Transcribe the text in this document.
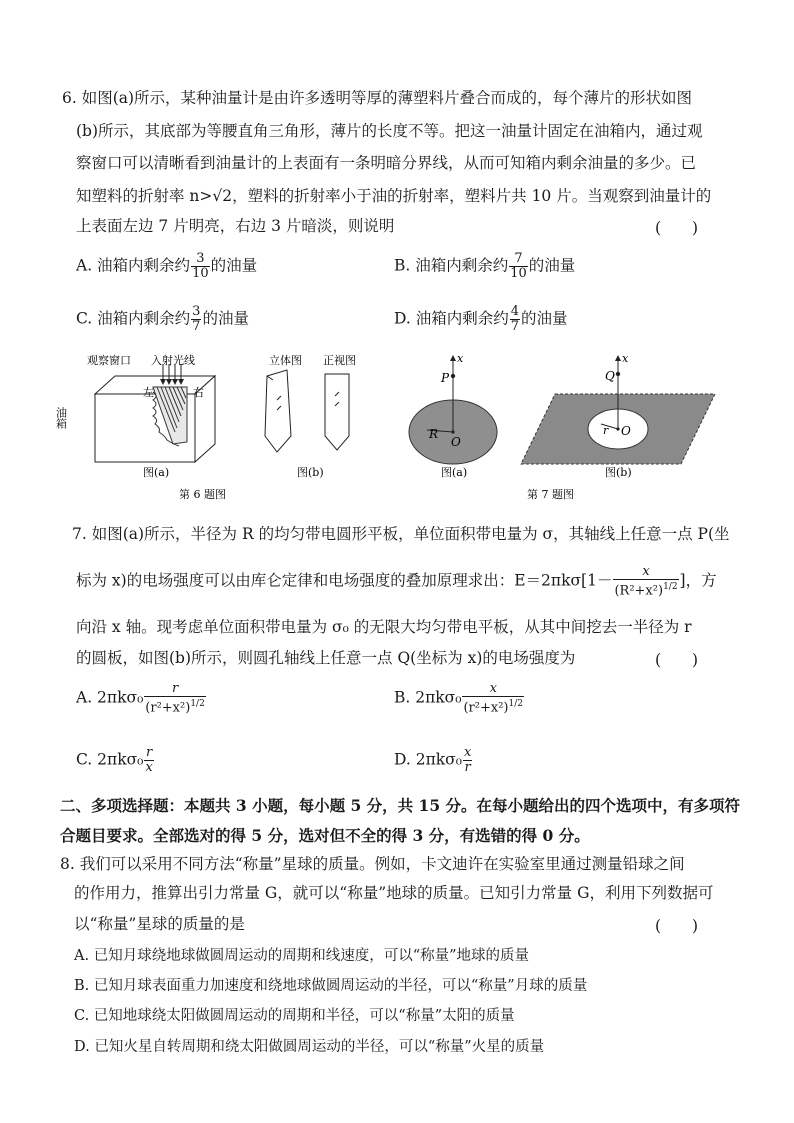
6. 如图(a)所示，某种油量计是由许多透明等厚的薄塑料片叠合而成的，每个薄片的形状如图
(b)所示，其底部为等腰直角三角形，薄片的长度不等。把这一油量计固定在油箱内，通过观
察窗口可以清晰看到油量计的上表面有一条明暗分界线，从而可知箱内剩余油量的多少。已
知塑料的折射率 n>√2，塑料的折射率小于油的折射率，塑料片共 10 片。当观察到油量计的
上表面左边 7 片明亮，右边 3 片暗淡，则说明	(　　)
A. 油箱内剩余约 $\frac{3}{10}$ 的油量	B. 油箱内剩余约 $\frac{7}{10}$ 的油量
C. 油箱内剩余约 $\frac{3}{7}$ 的油量	D. 油箱内剩余约 $\frac{4}{7}$ 的油量
观察窗口 入射光线
左	右
油箱
图(a)
立体图 正视图
图(b)
x
P
R
O
图(a)
x
Q
r O
图(b)
第 6 题图	第 7 题图
7. 如图(a)所示，半径为 R 的均匀带电圆形平板，单位面积带电量为 σ，其轴线上任意一点 P(坐
标为 x)的电场强度可以由库仑定律和电场强度的叠加原理求出：$E=2\pi k\sigma[1- \frac{x}{(R^2+x^2)^{1/2}}$ ]，方
向沿 x 轴。现考虑单位面积带电量为 σ₀ 的无限大均匀带电平板，从其中间挖去一半径为 r
的圆板，如图(b)所示，则圆孔轴线上任意一点 Q(坐标为 x)的电场强度为	(　　)
A. $2\pi k\sigma_0 \frac{r}{(r^2+x^2)^{1/2}}$	B. $2\pi k\sigma_0 \frac{x}{(r^2+x^2)^{1/2}}$
C. $2\pi k\sigma_0 \frac{r}{x}$	D. $2\pi k\sigma_0 \frac{x}{r}$
二、多项选择题：本题共 3 小题，每小题 5 分，共 15 分。在每小题给出的四个选项中，有多项符
合题目要求。全部选对的得 5 分，选对但不全的得 3 分，有选错的得 0 分。
8. 我们可以采用不同方法“称量”星球的质量。例如，卡文迪许在实验室里通过测量铅球之间
的作用力，推算出引力常量 G，就可以“称量”地球的质量。已知引力常量 G，利用下列数据可
以“称量”星球的质量的是	(　　)
A. 已知月球绕地球做圆周运动的周期和线速度，可以“称量”地球的质量
B. 已知月球表面重力加速度和绕地球做圆周运动的半径，可以“称量”月球的质量
C. 已知地球绕太阳做圆周运动的周期和半径，可以“称量”太阳的质量
D. 已知火星自转周期和绕太阳做圆周运动的半径，可以“称量”火星的质量
